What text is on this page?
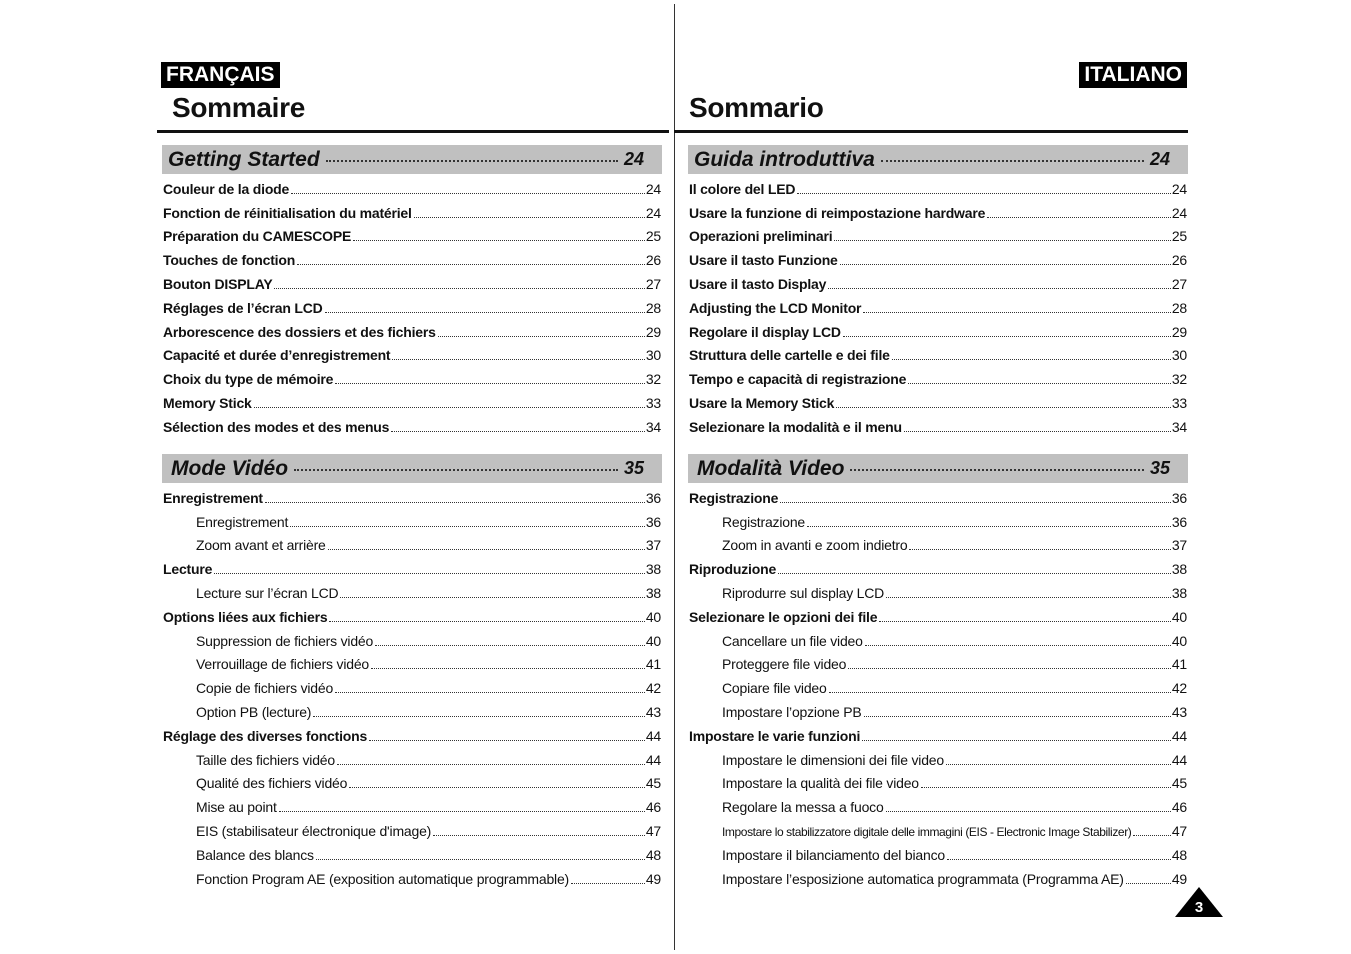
FRANÇAIS
Sommaire
Getting Started	24
Couleur de la diode	24
Fonction de réinitialisation du matériel	24
Préparation du CAMESCOPE	25
Touches de fonction	26
Bouton DISPLAY	27
Réglages de l’écran LCD	28
Arborescence des dossiers et des fichiers	29
Capacité et durée d’enregistrement	30
Choix du type de mémoire	32
Memory Stick	33
Sélection des modes et des menus	34
Mode Vidéo	35
Enregistrement	36
Enregistrement	36
Zoom avant et arrière	37
Lecture	38
Lecture sur l’écran LCD	38
Options liées aux fichiers	40
Suppression de fichiers vidéo	40
Verrouillage de fichiers vidéo	41
Copie de fichiers vidéo	42
Option PB (lecture)	43
Réglage des diverses fonctions	44
Taille des fichiers vidéo	44
Qualité des fichiers vidéo	45
Mise au point	46
EIS (stabilisateur électronique d'image)	47
Balance des blancs	48
Fonction Program AE (exposition automatique programmable)	49
ITALIANO
Sommario
Guida introduttiva	24
Il colore del LED	24
Usare la funzione di reimpostazione hardware	24
Operazioni preliminari	25
Usare il tasto Funzione	26
Usare il tasto Display	27
Adjusting the LCD Monitor	28
Regolare il display LCD	29
Struttura delle cartelle e dei file	30
Tempo e capacità di registrazione	32
Usare la Memory Stick	33
Selezionare la modalità e il menu	34
Modalità Video	35
Registrazione	36
Registrazione	36
Zoom in avanti e zoom indietro	37
Riproduzione	38
Riprodurre sul display LCD	38
Selezionare le opzioni dei file	40
Cancellare un file video	40
Proteggere file video	41
Copiare file video	42
Impostare l’opzione PB	43
Impostare le varie funzioni	44
Impostare le dimensioni dei file video	44
Impostare la qualità dei file video	45
Regolare la messa a fuoco	46
Impostare lo stabilizzatore digitale delle immagini (EIS - Electronic Image Stabilizer)	47
Impostare il bilanciamento del bianco	48
Impostare l’esposizione automatica programmata (Programma AE)	49
3
